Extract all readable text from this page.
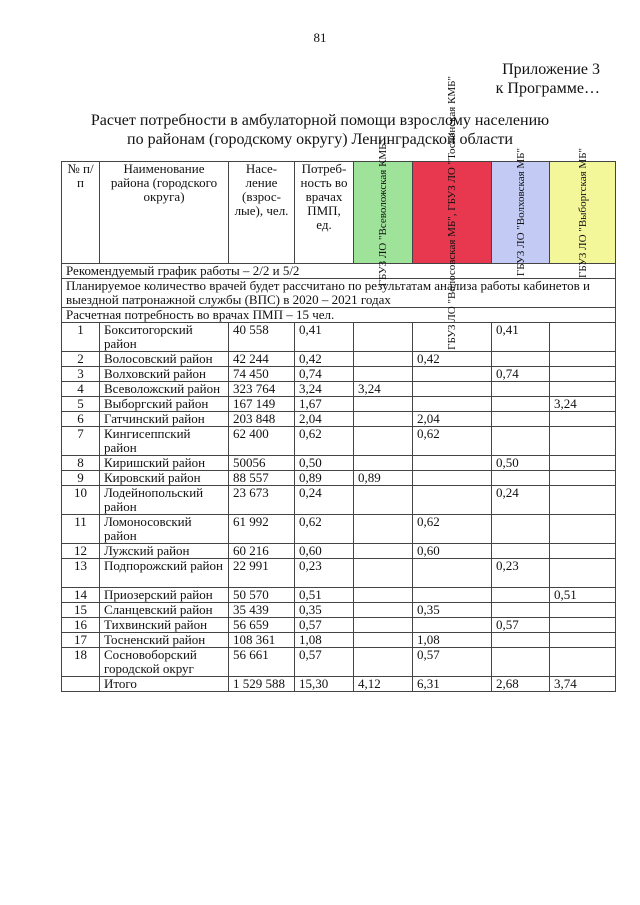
81
Приложение 3
к Программе…
Расчет потребности в амбулаторной помощи взрослому населению
по районам (городскому округу) Ленинградской области
№ п/п	Наименование района (городского округа)	Насе-ление (взрос-лые), чел.	Потреб-ность во врачах ПМП, ед.	ГБУЗ ЛО "Всеволожская КМБ"	ГБУЗ ЛО "Волосовская МБ", ГБУЗ ЛО "Тосненская КМБ"	ГБУЗ ЛО "Волховская МБ"	ГБУЗ ЛО "Выборгская МБ"

Рекомендуемый график работы – 2/2 и 5/2							
Планируемое количество врачей будет рассчитано по результатам анализа работы кабинетов и выездной патронажной службы (ВПС) в 2020 – 2021 годах							
Расчетная потребность во врачах ПМП – 15 чел.							
1	Бокситогорский район	40 558	0,41			0,41	
2	Волосовский район	42 244	0,42		0,42		
3	Волховский район	74 450	0,74			0,74	
4	Всеволожский район	323 764	3,24	3,24			
5	Выборгский район	167 149	1,67				3,24
6	Гатчинский район	203 848	2,04		2,04		
7	Кингисеппский район	62 400	0,62		0,62		
8	Киришский район	50056	0,50			0,50	
9	Кировский район	88 557	0,89	0,89			
10	Лодейнопольский район	23 673	0,24			0,24	
11	Ломоносовский район	61 992	0,62		0,62		
12	Лужский район	60 216	0,60		0,60		
13	Подпорожский район	22 991	0,23			0,23	
14	Приозерский район	50 570	0,51				0,51
15	Сланцевский район	35 439	0,35		0,35		
16	Тихвинский район	56 659	0,57			0,57	
17	Тосненский район	108 361	1,08		1,08		
18	Сосновоборский городской округ	56 661	0,57		0,57		
	Итого	1 529 588	15,30	4,12	6,31	2,68	3,74
